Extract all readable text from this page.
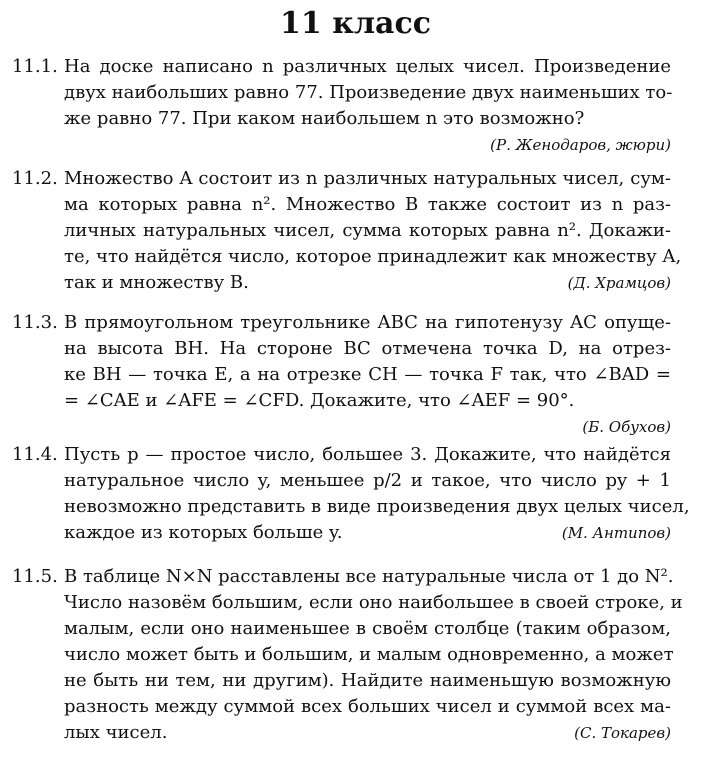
11 класс
11.1. На доске написано n различных целых чисел. Произведение
двух наибольших равно 77. Произведение двух наименьших то-
же равно 77. При каком наибольшем n это возможно?
(Р. Женодаров, жюри)
11.2. Множество A состоит из n различных натуральных чисел, сум-
ма которых равна n². Множество B также состоит из n раз-
личных натуральных чисел, сумма которых равна n². Докажи-
те, что найдётся число, которое принадлежит как множеству A,
так и множеству B.	(Д. Храмцов)
11.3. В прямоугольном треугольнике ABC на гипотенузу AC опуще-
на высота BH. На стороне BC отмечена точка D, на отрез-
ке BH — точка E, а на отрезке CH — точка F так, что ∠BAD =
= ∠CAE и ∠AFE = ∠CFD. Докажите, что ∠AEF = 90°.
(Б. Обухов)
11.4. Пусть p — простое число, большее 3. Докажите, что найдётся
натуральное число y, меньшее p/2 и такое, что число py + 1
невозможно представить в виде произведения двух целых чисел,
каждое из которых больше y.	(М. Антипов)
11.5. В таблице N×N расставлены все натуральные числа от 1 до N².
Число назовём большим, если оно наибольшее в своей строке, и
малым, если оно наименьшее в своём столбце (таким образом,
число может быть и большим, и малым одновременно, а может
не быть ни тем, ни другим). Найдите наименьшую возможную
разность между суммой всех больших чисел и суммой всех ма-
лых чисел.	(С. Токарев)
